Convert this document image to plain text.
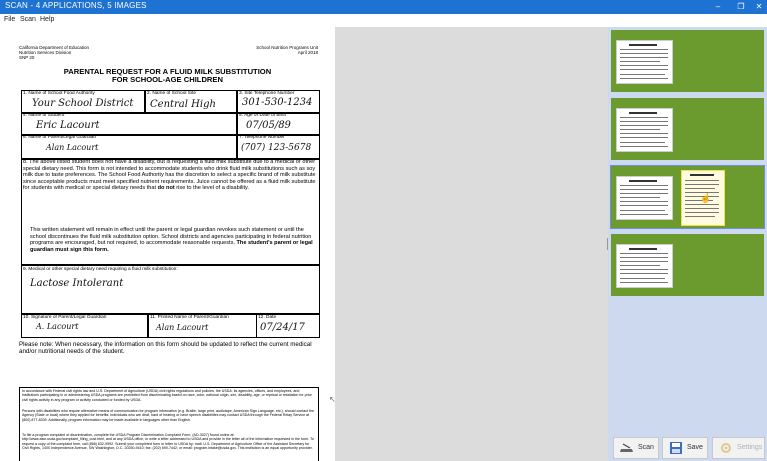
SCAN - 4 APPLICATIONS, 5 IMAGES	–	❐	✕
File Scan Help
California Department of Education
Nutrition Services Division
SNP 20
School Nutrition Programs Unit
April 2018
PARENTAL REQUEST FOR A FLUID MILK SUBSTITUTION
FOR SCHOOL-AGE CHILDREN
1. Name of School Food Authority
Your School District
2. Name of School Site
Central High
3. Site Telephone Number
301-530-1234
4. Name of Student
Eric Lacourt
5. Age or Date of Birth
07/05/89
6. Name of Parent/Legal Guardian
Alan Lacourt
7. Telephone Number
(707) 123-5678
8. The above listed student does not have a disability, but is requesting a fluid milk substitute due to a medical or other special dietary need. This form is not intended to accommodate students who drink fluid milk substitutions such as soy milk due to taste preferences. The School Food Authority has the discretion to select a specific brand of milk substitute since acceptable products must meet specified nutrient requirements. Juice cannot be offered as a fluid milk substitute for students with medical or special dietary needs that do not rise to the level of a disability.
This written statement will remain in effect until the parent or legal guardian revokes such statement or until the school discontinues the fluid milk substitution option. School districts and agencies participating in federal nutrition programs are encouraged, but not required, to accommodate reasonable requests. The student's parent or legal guardian must sign this form.
9. Medical or other special dietary need requiring a fluid milk substitution:
Lactose Intolerant
10. Signature of Parent/Legal Guardian
A. Lacourt
11. Printed Name of Parent/Guardian
Alan Lacourt
12. Date
07/24/17
Please note: When necessary, the information on this form should be updated to reflect the current medical and/or nutritional needs of the student.
In accordance with Federal civil rights law and U.S. Department of Agriculture (USDA) civil rights regulations and policies, the USDA, its agencies, offices, and employees, and institutions participating in or administering USDA programs are prohibited from discriminating based on race, color, national origin, sex, disability, age, or reprisal or retaliation for prior civil rights activity in any program or activity conducted or funded by USDA.
Persons with disabilities who require alternative means of communication for program information (e.g. Braille, large print, audiotape, American Sign Language, etc.), should contact the Agency (State or local) where they applied for benefits. Individuals who are deaf, hard of hearing or have speech disabilities may contact USDA through the Federal Relay Service at (800) 877-8339. Additionally, program information may be made available in languages other than English.
To file a program complaint of discrimination, complete the USDA Program Discrimination Complaint Form, (AD-3027) found online at: http://www.ascr.usda.gov/complaint_filing_cust.html, and at any USDA office, or write a letter addressed to USDA and provide in the letter all of the information requested in the form. To request a copy of the complaint form, call (866) 632-9992. Submit your completed form or letter to USDA by: mail: U.S. Department of Agriculture Office of the Assistant Secretary for Civil Rights, 1400 Independence Avenue, SW Washington, D.C. 20250-9410; fax: (202) 690-7442; or email: program.intake@usda.gov. This institution is an equal opportunity provider.
↖
☝
Scan	Save	Settings
